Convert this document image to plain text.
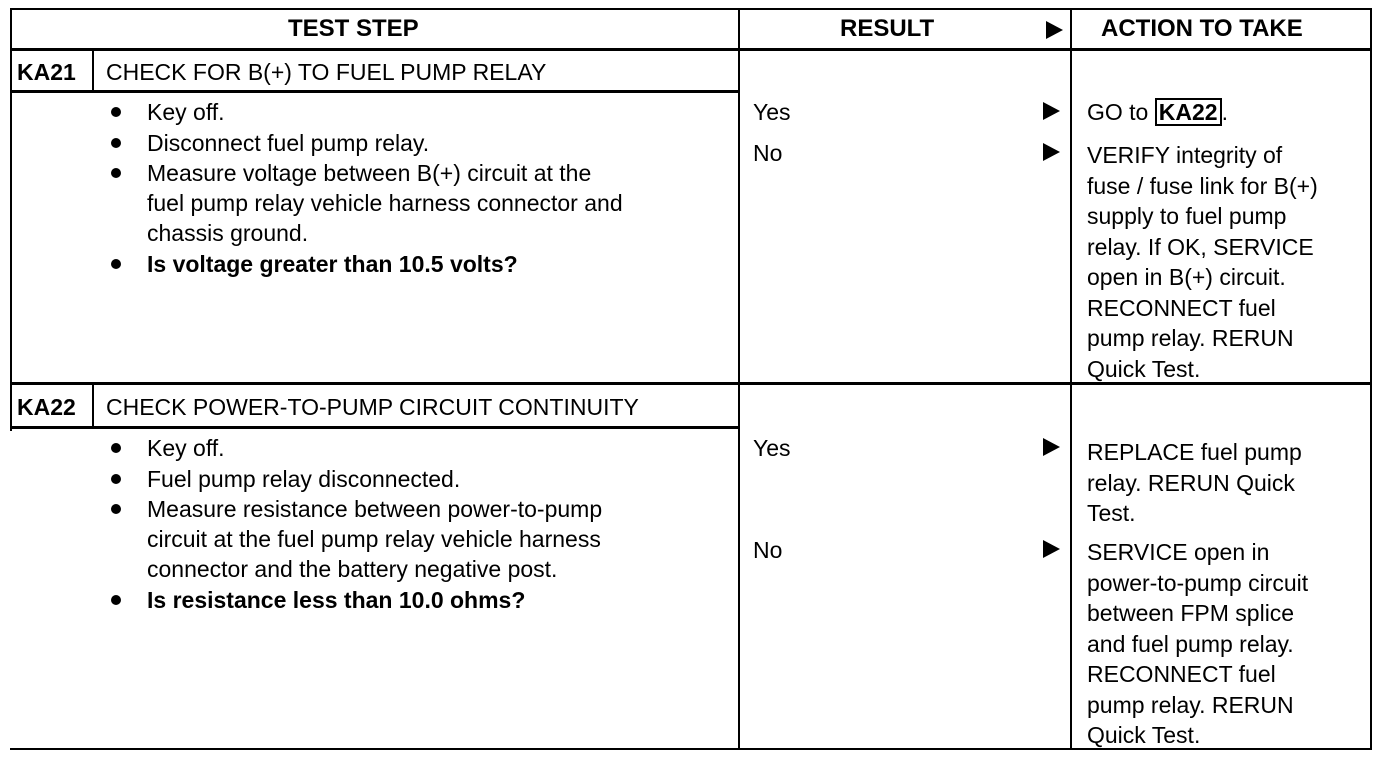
TEST STEP	RESULT	ACTION TO TAKE
KA21 CHECK FOR B(+) TO FUEL PUMP RELAY
Key off.
Disconnect fuel pump relay.
Measure voltage between B(+) circuit at the
fuel pump relay vehicle harness connector and
chassis ground.
Is voltage greater than 10.5 volts?
Yes	GO to KA22 .
No	VERIFY integrity of
fuse / fuse link for B(+)
supply to fuel pump
relay. If OK, SERVICE
open in B(+) circuit.
RECONNECT fuel
pump relay. RERUN
Quick Test.
KA22 CHECK POWER-TO-PUMP CIRCUIT CONTINUITY
Key off.
Fuel pump relay disconnected.
Measure resistance between power-to-pump
circuit at the fuel pump relay vehicle harness
connector and the battery negative post.
Is resistance less than 10.0 ohms?
Yes	REPLACE fuel pump
relay. RERUN Quick
Test.
No	SERVICE open in
power-to-pump circuit
between FPM splice
and fuel pump relay.
RECONNECT fuel
pump relay. RERUN
Quick Test.
